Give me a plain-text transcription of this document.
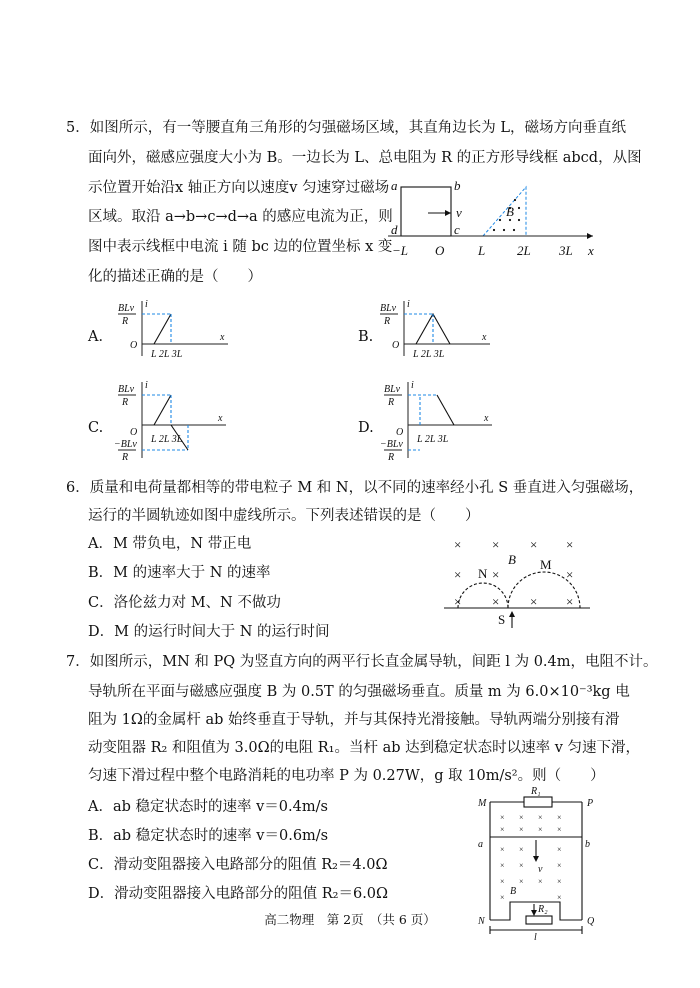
5．如图所示，有一等腰直角三角形的匀强磁场区域，其直角边长为 L，磁场方向垂直纸
面向外，磁感应强度大小为 B。一边长为 L、总电阻为 R 的正方形导线框 abcd，从图
示位置开始沿x 轴正方向以速度v 匀速穿过磁场
区域。取沿 a→b→c→d→a 的感应电流为正，则
图中表示线框中电流 i 随 bc 边的位置坐标 x 变
化的描述正确的是（　　）
a	b
c
d
v	B
x
−L O	L 2L 3L
A．
BLv
R
i
x
O
L 2L 3L
B.
BLv
R
i
x
O
L 2L 3L
C.
BLv
R
−BLv
R
i
x
O
L 2L 3L
D.
BLv
R
−BLv
R
i
x
O
L 2L 3L
6．质量和电荷量都相等的带电粒子 M 和 N，以不同的速率经小孔 S 垂直进入匀强磁场，
运行的半圆轨迹如图中虚线所示。下列表述错误的是（　　）
A．M 带负电，N 带正电
B．M 的速率大于 N 的速率
C．洛伦兹力对 M、N 不做功
D．M 的运行时间大于 N 的运行时间
× × × ×
× ×	×
× × × ×
B
N
M
S
7．如图所示，MN 和 PQ 为竖直方向的两平行长直金属导轨，间距 l 为 0.4m，电阻不计。
导轨所在平面与磁感应强度 B 为 0.5T 的匀强磁场垂直。质量 m 为 6.0×10⁻³kg 电
阻为 1Ω的金属杆 ab 始终垂直于导轨，并与其保持光滑接触。导轨两端分别接有滑
动变阻器 R₂ 和阻值为 3.0Ω的电阻 R₁。当杆 ab 达到稳定状态时以速率 v 匀速下滑，
匀速下滑过程中整个电路消耗的电功率 P 为 0.27W，g 取 10m/s²。则（　　）
A．ab 稳定状态时的速率 v＝0.4m/s
B．ab 稳定状态时的速率 v＝0.6m/s
C．滑动变阻器接入电路部分的阻值 R₂＝4.0Ω
D．滑动变阻器接入电路部分的阻值 R₂＝6.0Ω
R₁
M	P
N	Q
a	b
× × × ×
× × × ×
× ×	×
× ×	×
× × × ×
×	×
v
B
R₂
l
高二物理　第 2页　（共 6 页）
